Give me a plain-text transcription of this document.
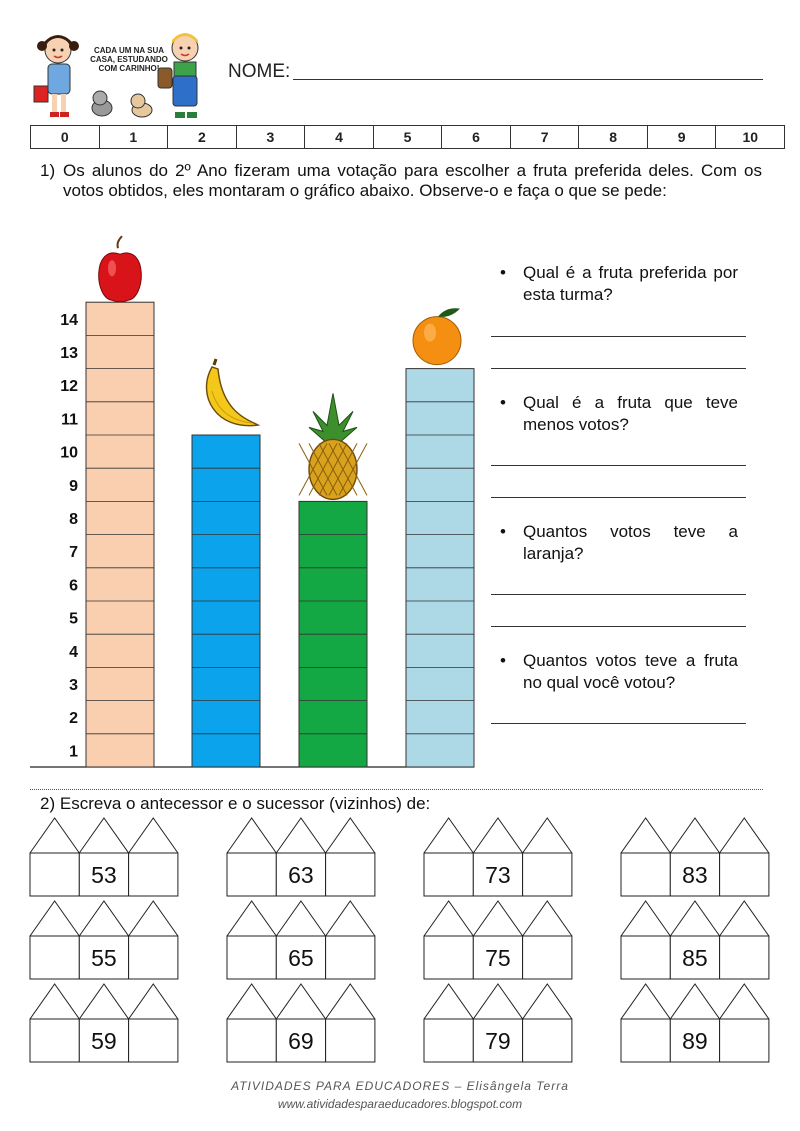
CADA UM NA SUA
CASA, ESTUDANDO
COM CARINHO!	NOME:
0	1	2	3	4	5	6	7	8	9	10
1) Os alunos do 2º Ano fizeram uma votação para escolher a fruta preferida deles. Com os votos obtidos, eles montaram o gráfico abaixo. Observe-o e faça o que se pede:
1
2
3
4
5
6
7
8
9
10
11
12
13
14
• Qual é a fruta preferida por esta turma?
• Qual é a fruta que teve menos votos?
• Quantos votos teve a laranja?
• Quantos votos teve a fruta no qual você votou?
2) Escreva o antecessor e o sucessor (vizinhos) de:
53	63	73	83
55	65	75	85
59	69	79	89
ATIVIDADES PARA EDUCADORES – Elisângela Terra
www.atividadesparaeducadores.blogspot.com
